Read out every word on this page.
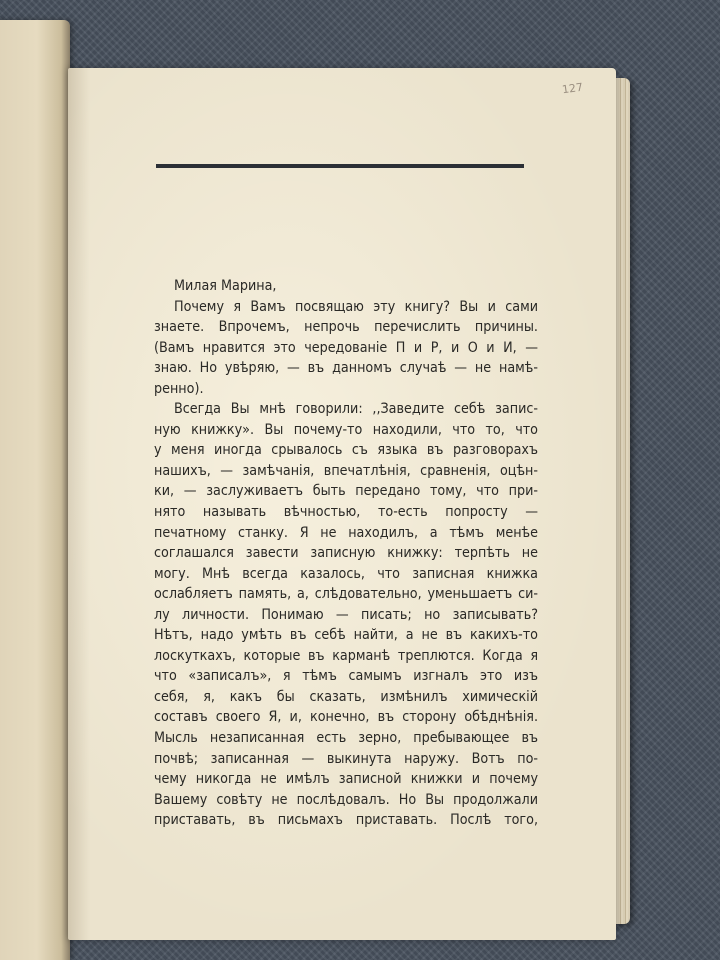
127
Милая Марина,
Почему я Вамъ посвящаю эту книгу? Вы и сами
знаете. Впрочемъ, непрочь перечислить причины.
(Вамъ нравится это чередованіе П и Р, и О и И, —
знаю. Но увѣряю, — въ данномъ случаѣ — не намѣ-
ренно).
Всегда Вы мнѣ говорили: ,,Заведите себѣ запис-
ную книжку». Вы почему-то находили, что то, что
у меня иногда срывалось съ языка въ разговорахъ
нашихъ, — замѣчанія, впечатлѣнія, сравненія, оцѣн-
ки, — заслуживаетъ быть передано тому, что при-
нято называть вѣчностью, то-есть попросту —
печатному станку. Я не находилъ, а тѣмъ менѣе
соглашался завести записную книжку: терпѣть не
могу. Мнѣ всегда казалось, что записная книжка
ослабляетъ память, а, слѣдовательно, уменьшаетъ си-
лу личности. Понимаю — писать; но записывать?
Нѣтъ, надо умѣть въ себѣ найти, а не въ какихъ-то
лоскуткахъ, которые въ карманѣ треплются. Когда я
что «записалъ», я тѣмъ самымъ изгналъ это изъ
себя, я, какъ бы сказать, измѣнилъ химическій
составъ своего Я, и, конечно, въ сторону обѣднѣнія.
Мысль незаписанная есть зерно, пребывающее въ
почвѣ; записанная — выкинута наружу. Вотъ по-
чему никогда не имѣлъ записной книжки и почему
Вашему совѣту не послѣдовалъ. Но Вы продолжали
приставать, въ письмахъ приставать. Послѣ того,
